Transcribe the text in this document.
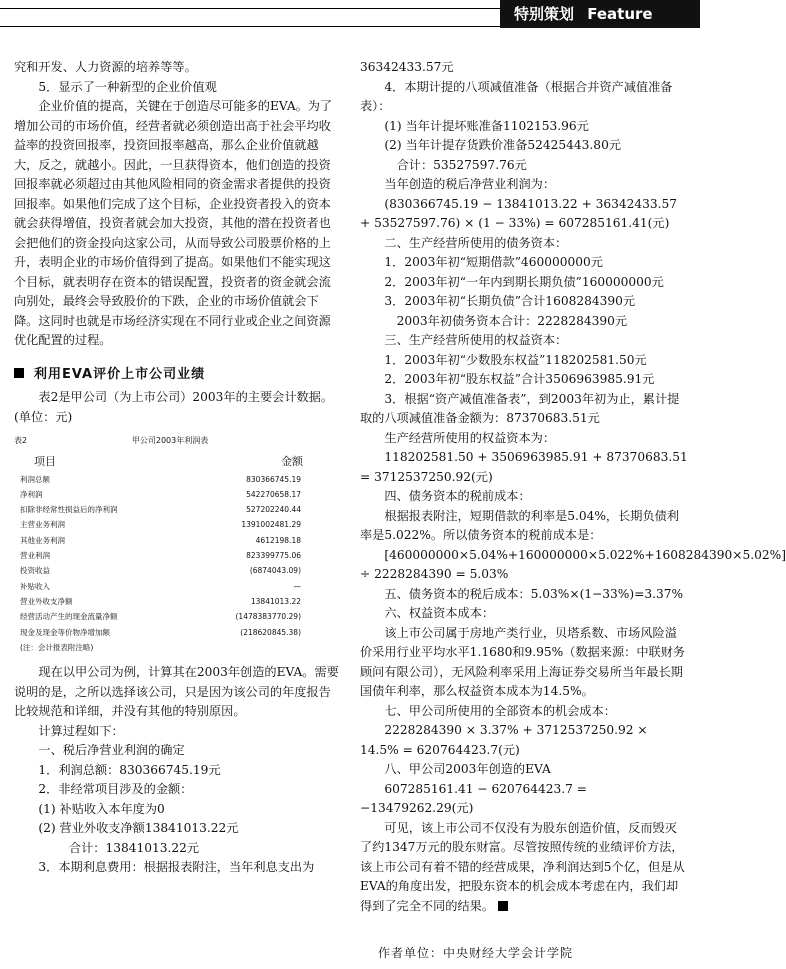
特别策划 Feature

究和开发、人力资源的培养等等。

5．显示了一种新型的企业价值观

企业价值的提高，关键在于创造尽可能多的EVA。为了增加公司的市场价值，经营者就必须创造出高于社会平均收益率的投资回报率，投资回报率越高，那么企业价值就越大，反之，就越小。因此，一旦获得资本，他们创造的投资回报率就必须超过由其他风险相同的资金需求者提供的投资回报率。如果他们完成了这个目标，企业投资者投入的资本就会获得增值，投资者就会加大投资，其他的潜在投资者也会把他们的资金投向这家公司，从而导致公司股票价格的上升，表明企业的市场价值得到了提高。如果他们不能实现这个目标，就表明存在资本的错误配置，投资者的资金就会流向别处，最终会导致股价的下跌，企业的市场价值就会下降。这同时也就是市场经济实现在不同行业或企业之间资源优化配置的过程。

利用EVA评价上市公司业绩

表2是甲公司（为上市公司）2003年的主要会计数据。(单位：元)

表2	甲公司2003年利润表
项目	金额
利润总额	830366745.19
净利润	542270658.17
扣除非经常性损益后的净利润	527202240.44
主营业务利润	1391002481.29
其他业务利润	4612198.18
营业利润	823399775.06
投资收益	(6874043.09)
补贴收入	—
营业外收支净额	13841013.22
经营活动产生的现金流量净额	(1478383770.29)
现金及现金等价物净增加额	(218620845.38)
(注：会计报表附注略)

现在以甲公司为例，计算其在2003年创造的EVA。需要说明的是，之所以选择该公司，只是因为该公司的年度报告比较规范和详细，并没有其他的特别原因。

计算过程如下：

一、税后净营业利润的确定

1．利润总额：830366745.19元

2．非经常项目涉及的金额：

(1) 补贴收入本年度为0

(2) 营业外收支净额13841013.22元

合计：13841013.22元

3．本期利息费用：根据报表附注，当年利息支出为

36342433.57元

4．本期计提的八项减值准备（根据合并资产减值准备表）：

(1) 当年计提坏账准备1102153.96元

(2) 当年计提存货跌价准备52425443.80元

合计：53527597.76元

当年创造的税后净营业利润为：

(830366745.19 − 13841013.22 + 36342433.57 + 53527597.76) × (1 − 33%) = 607285161.41(元)

二、生产经营所使用的债务资本：

1．2003年初“短期借款”460000000元

2．2003年初“一年内到期长期负债”160000000元

3．2003年初“长期负债”合计1608284390元

2003年初债务资本合计：2228284390元

三、生产经营所使用的权益资本：

1．2003年初“少数股东权益”118202581.50元

2．2003年初“股东权益”合计3506963985.91元

3．根据“资产减值准备表”，到2003年初为止，累计提取的八项减值准备金额为：87370683.51元

生产经营所使用的权益资本为：

118202581.50 + 3506963985.91 + 87370683.51 = 3712537250.92(元)

四、债务资本的税前成本：

根据报表附注，短期借款的利率是5.04%，长期负债利率是5.022%。所以债务资本的税前成本是：

[460000000×5.04%+160000000×5.022%+1608284390×5.02%] ÷ 2228284390 = 5.03%

五、债务资本的税后成本：5.03%×(1−33%)=3.37%

六、权益资本成本：

该上市公司属于房地产类行业，贝塔系数、市场风险溢价采用行业平均水平1.1680和9.95%（数据来源：中联财务顾问有限公司），无风险利率采用上海证券交易所当年最长期国债年利率，那么权益资本成本为14.5%。

七、甲公司所使用的全部资本的机会成本：

2228284390 × 3.37% + 3712537250.92 × 14.5% = 620764423.7(元)

八、甲公司2003年创造的EVA

607285161.41 − 620764423.7 = −13479262.29(元)

可见，该上市公司不仅没有为股东创造价值，反而毁灭了约1347万元的股东财富。尽管按照传统的业绩评价方法，该上市公司有着不错的经营成果，净利润达到5个亿，但是从EVA的角度出发，把股东资本的机会成本考虑在内，我们却得到了完全不同的结果。

作者单位：中央财经大学会计学院
